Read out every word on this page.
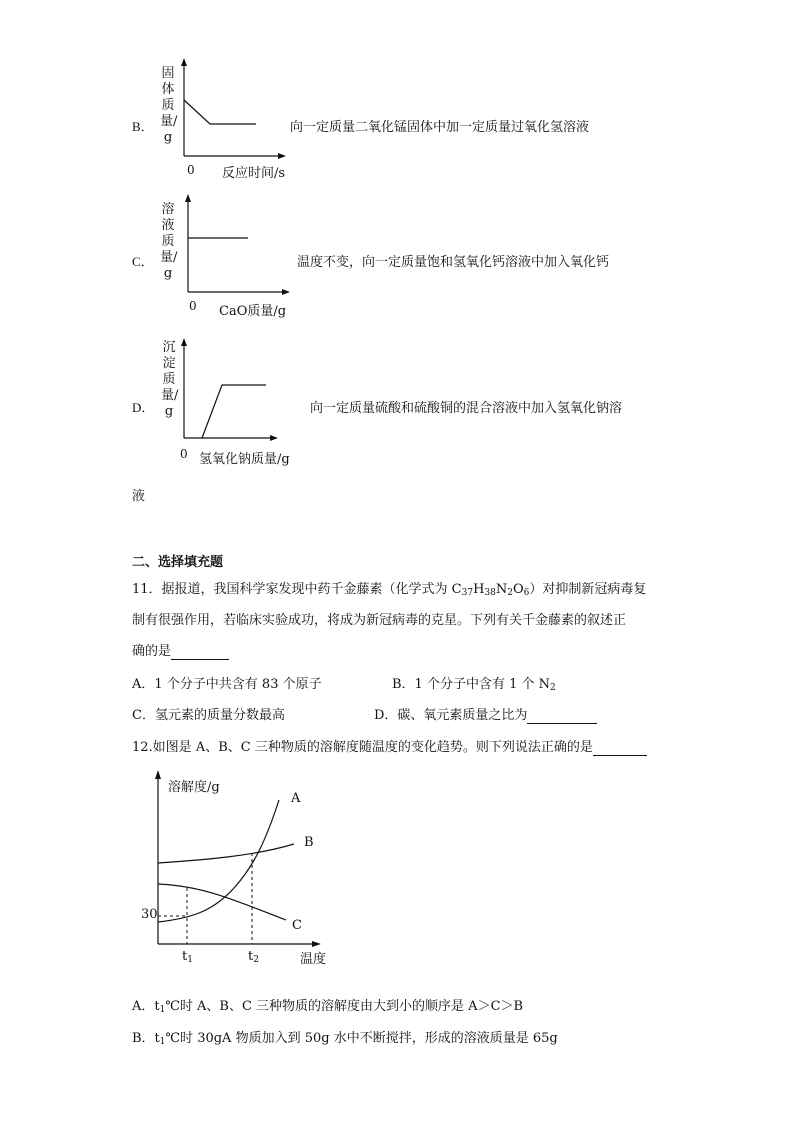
B．
固体质量/g
0 反应时间/s
向一定质量二氧化锰固体中加一定质量过氧化氢溶液
C．
溶液质量/g
0 CaO质量/g
温度不变，向一定质量饱和氢氧化钙溶液中加入氧化钙
D．
沉淀质量/g
0 氢氧化钠质量/g
向一定质量硫酸和硫酸铜的混合溶液中加入氢氧化钠溶
液
二、选择填充题
11．据报道，我国科学家发现中药千金藤素（化学式为 $C_{37}H_{38}N_2O_6$）对抑制新冠病毒复
制有很强作用，若临床实验成功，将成为新冠病毒的克星。下列有关千金藤素的叙述正
确的是
A．1 个分子中共含有 83 个原子	B．1 个分子中含有 1 个 $N_2$
C．氢元素的质量分数最高	D．碳、氧元素质量之比为
12.如图是 A、B、C 三种物质的溶解度随温度的变化趋势。则下列说法正确的是
溶解度/g
A
B
C
30
$t_1$	$t_2$	温度
A．$t_1℃$时 A、B、C 三种物质的溶解度由大到小的顺序是 A＞C＞B
B．$t_1℃$时 30gA 物质加入到 50g 水中不断搅拌，形成的溶液质量是 65g
